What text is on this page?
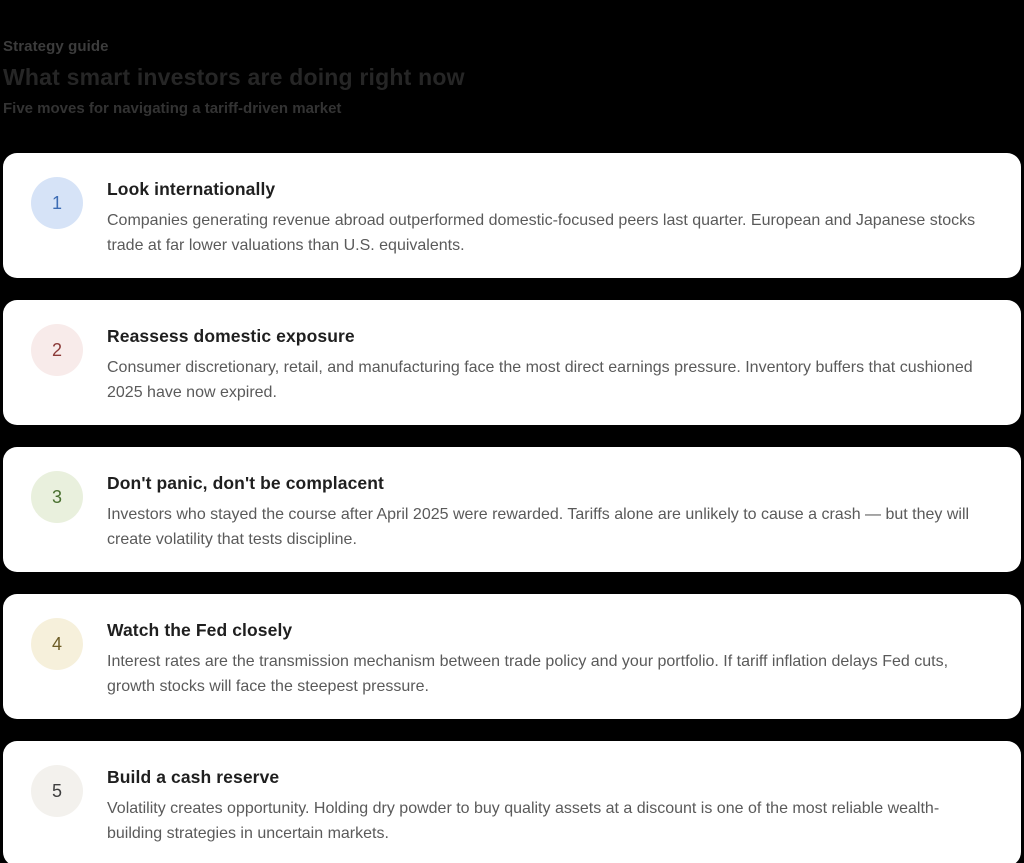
Strategy guide
What smart investors are doing right now
Five moves for navigating a tariff-driven market
1
Look internationally
Companies generating revenue abroad outperformed domestic-focused peers last quarter. European and Japanese stocks trade at far lower valuations than U.S. equivalents.
2
Reassess domestic exposure
Consumer discretionary, retail, and manufacturing face the most direct earnings pressure. Inventory buffers that cushioned 2025 have now expired.
3
Don't panic, don't be complacent
Investors who stayed the course after April 2025 were rewarded. Tariffs alone are unlikely to cause a crash — but they will create volatility that tests discipline.
4
Watch the Fed closely
Interest rates are the transmission mechanism between trade policy and your portfolio. If tariff inflation delays Fed cuts, growth stocks will face the steepest pressure.
5
Build a cash reserve
Volatility creates opportunity. Holding dry powder to buy quality assets at a discount is one of the most reliable wealth-building strategies in uncertain markets.
